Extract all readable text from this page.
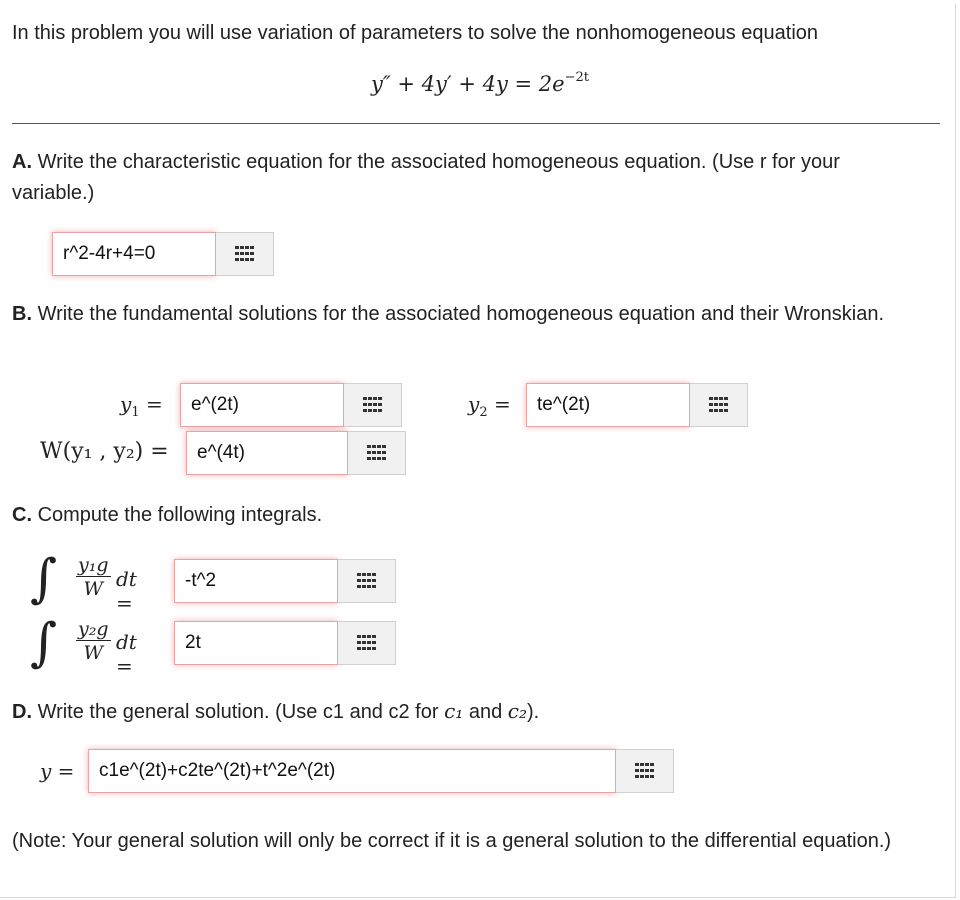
In this problem you will use variation of parameters to solve the nonhomogeneous equation
$y'' + 4y' + 4y = 2e^{-2t}$
A. Write the characteristic equation for the associated homogeneous equation. (Use r for your variable.)
r^2-4r+4=0
B. Write the fundamental solutions for the associated homogeneous equation and their Wronskian.
$y_1$ =
e^(2t)	$y_2$ =
te^(2t)
W(y₁ , y₂) =
e^(4t)
C. Compute the following integrals.
∫ $\frac{\text{y₁g}}{W}$ dt =
-t^2
∫ $\frac{\text{y₂g}}{W}$ dt =
2t
D. Write the general solution. (Use c1 and c2 for c₁ and c₂).
y =
c1e^(2t)+c2te^(2t)+t^2e^(2t)
(Note: Your general solution will only be correct if it is a general solution to the differential equation.)
